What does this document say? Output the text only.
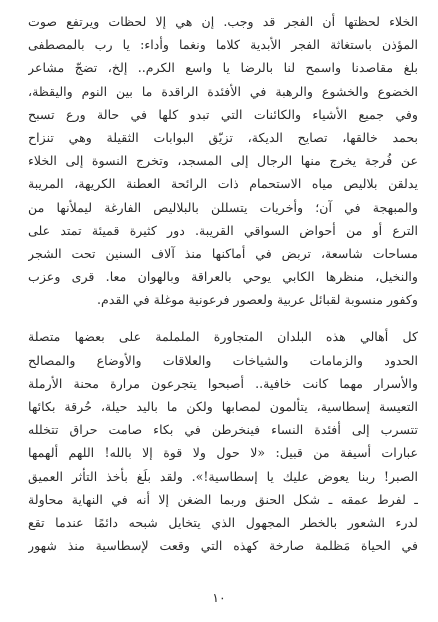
الخلاء لحظتها أن الفجر قد وجب. إن هي إلا لحظات ويرتفع صوت
المؤذن باستغاثة الفجر الأبدية كلاما ونغما وأداء: يا رب بالمصطفى
بلغ مقاصدنا واسمح لنا بالرضا يا واسع الكرم.. إلخ، تضجّ مشاعر
الخضوع والخشوع والرهبة في الأفئدة الراقدة ما بين النوم واليقظة،
وفي جميع الأشياء والكائنات التي تبدو كلها في حالة ورع تسبح
بحمد خالقها، تصايح الديكة، تزيّق البوابات الثقيلة وهي تنزاح
عن فُرجة يخرج منها الرجال إلى المسجد، وتخرج النسوة إلى الخلاء
يدلقن بلاليص مياه الاستحمام ذات الرائحة العطنة الكريهة، المريبة
والمبهجة في آن؛ وأخريات يتسللن بالبلاليص الفارغة ليملأنها من
الترع أو من أحواض السواقي القريبة. دور كثيرة قميئة تمتد على
مساحات شاسعة، تربض في أماكنها منذ آلاف السنين تحت الشجر
والنخيل، منظرها الكابي يوحي بالعراقة وبالهوان معا. قرى وعزب
وكفور منسوبة لقبائل عربية ولعصور فرعونية موغلة في القدم.
كل أهالي هذه البلدان المتجاورة الململمة على بعضها متصلة
الحدود والزمامات والشياخات والعلاقات والأوضاع والمصالح
والأسرار مهما كانت خافية.. أصبحوا يتجرعون مرارة محنة الأرملة
التعيسة إسطاسية، يتألمون لمصابها ولكن ما باليد حيلة، حُرقة بكائها
تتسرب إلى أفئدة النساء فينخرطن في بكاء صامت حراق تتخلله
عبارات أسيفة من قبيل: «لا حول ولا قوة إلا بالله! اللهم ألهمها
الصبر! ربنا يعوض عليك يا إسطاسية!». ولقد بلَغ بأخذ التأثر العميق
ـ لفرط عمقه ـ شكل الحنق وربما الضغن إلا أنه في النهاية محاولة
لدرء الشعور بالخطر المجهول الذي يتخايل شبحه دائمًا عندما تقع
في الحياة مَظلمة صارخة كهذه التي وقعت لإسطاسية منذ شهور
١٠
